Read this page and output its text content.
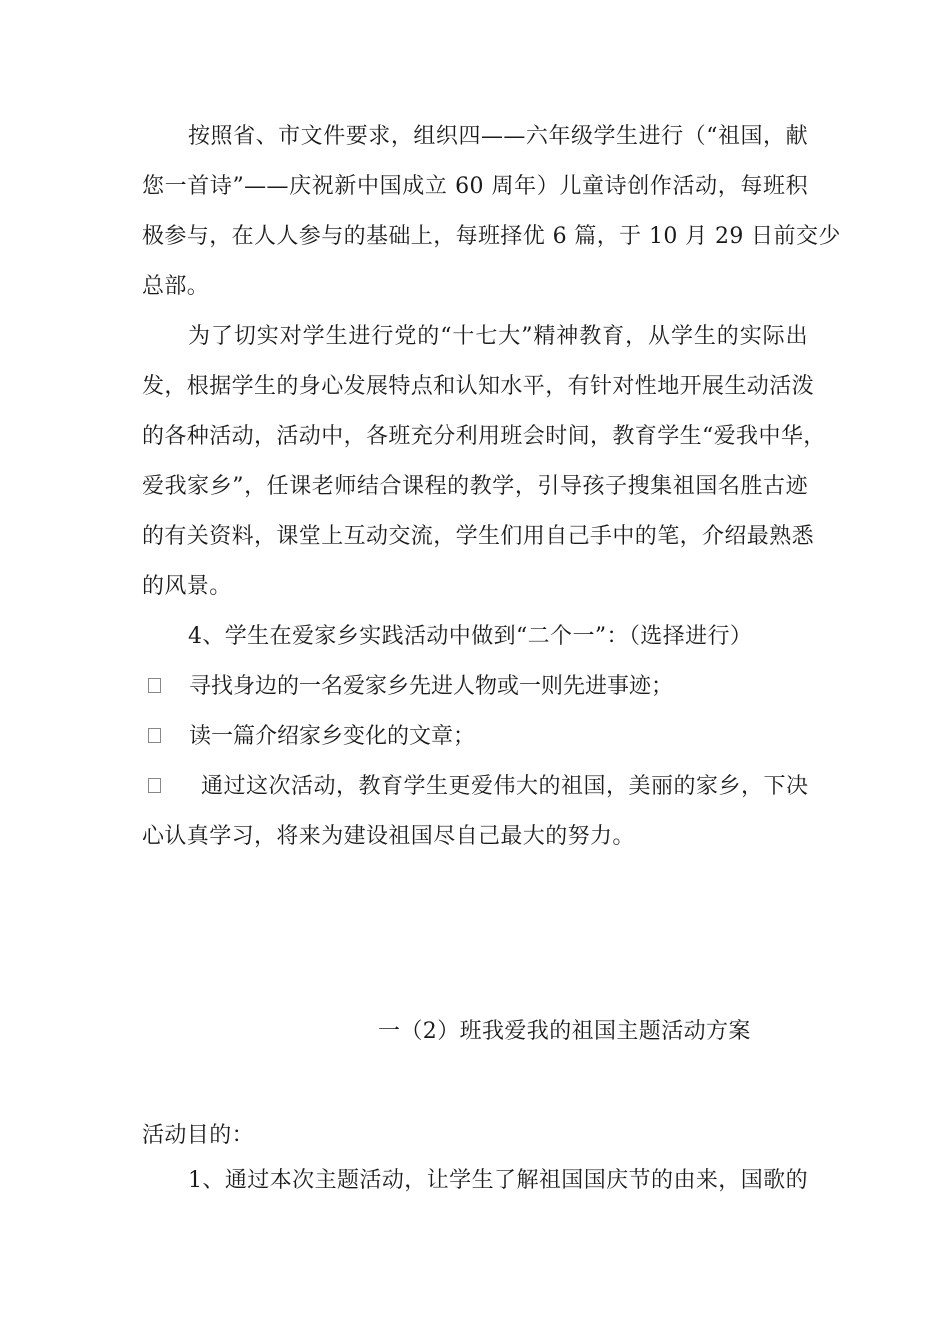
按照省、市文件要求，组织四——六年级学生进行（“祖国，献
您一首诗”——庆祝新中国成立 60 周年）儿童诗创作活动，每班积
极参与，在人人参与的基础上，每班择优 6 篇，于 10 月 29 日前交少
总部。
为了切实对学生进行党的“十七大”精神教育，从学生的实际出
发，根据学生的身心发展特点和认知水平，有针对性地开展生动活泼
的各种活动，活动中，各班充分利用班会时间，教育学生“爱我中华，
爱我家乡”，任课老师结合课程的教学，引导孩子搜集祖国名胜古迹
的有关资料，课堂上互动交流，学生们用自己手中的笔，介绍最熟悉
的风景。
4、学生在爱家乡实践活动中做到“二个一”：（选择进行）
寻找身边的一名爱家乡先进人物或一则先进事迹；
读一篇介绍家乡变化的文章；
通过这次活动，教育学生更爱伟大的祖国，美丽的家乡，下决
心认真学习，将来为建设祖国尽自己最大的努力。
一（2）班我爱我的祖国主题活动方案
活动目的：
1、通过本次主题活动，让学生了解祖国国庆节的由来，国歌的
